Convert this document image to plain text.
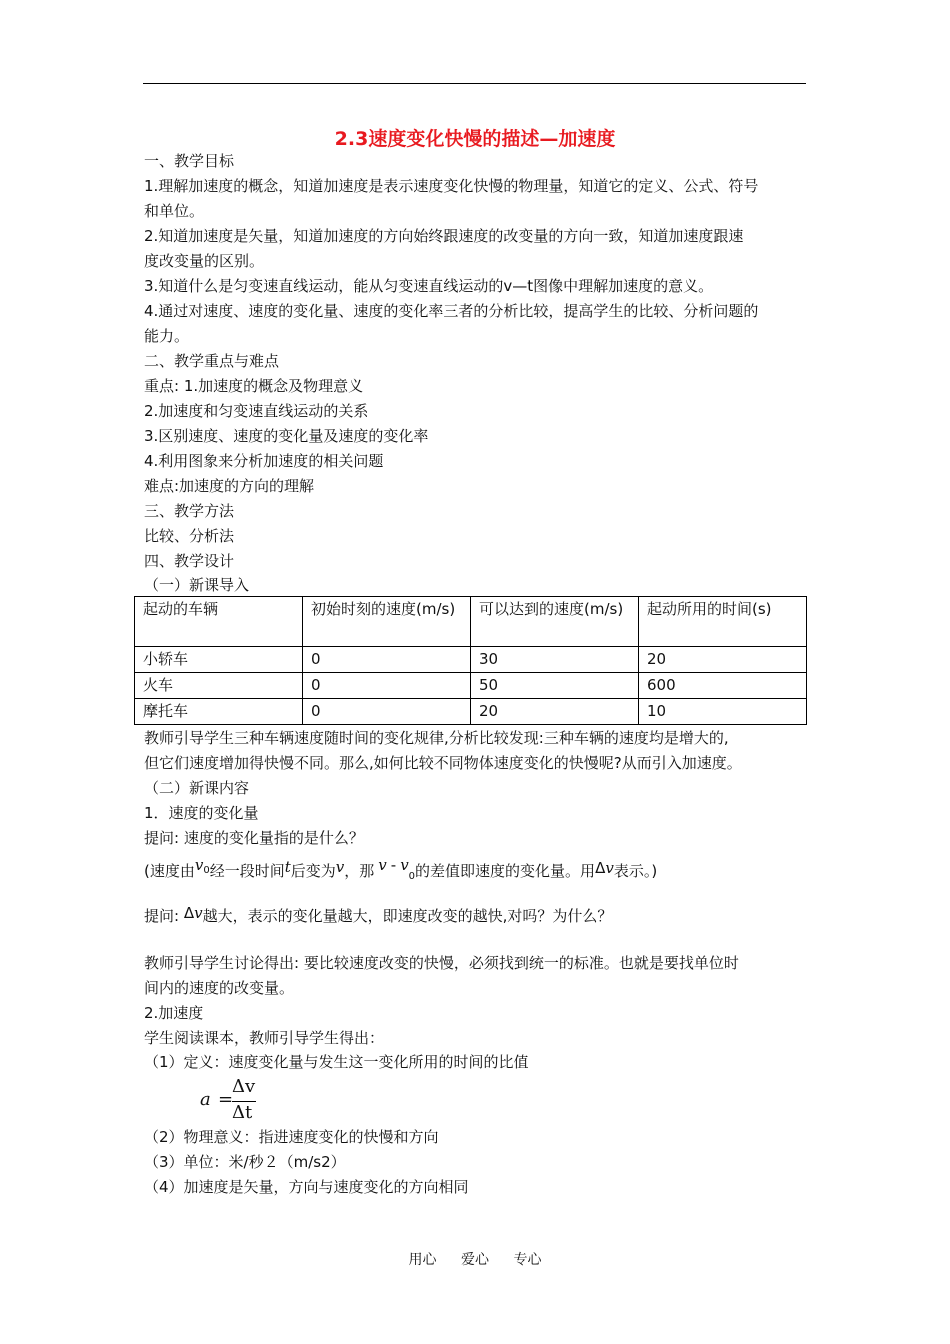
2.3速度变化快慢的描述—加速度
一、教学目标
1.理解加速度的概念，知道加速度是表示速度变化快慢的物理量，知道它的定义、公式、符号
和单位。
2.知道加速度是矢量，知道加速度的方向始终跟速度的改变量的方向一致，知道加速度跟速
度改变量的区别。
3.知道什么是匀变速直线运动，能从匀变速直线运动的v—t图像中理解加速度的意义。
4.通过对速度、速度的变化量、速度的变化率三者的分析比较，提高学生的比较、分析问题的
能力。
二、教学重点与难点
重点: 1.加速度的概念及物理意义
2.加速度和匀变速直线运动的关系
3.区别速度、速度的变化量及速度的变化率
4.利用图象来分析加速度的相关问题
难点:加速度的方向的理解
三、教学方法
比较、分析法
四、教学设计
（一）新课导入
起动的车辆	初始时刻的速度(m/s)	可以达到的速度(m/s)	起动所用的时间(s)
小轿车	0	30	20
火车	0	50	600
摩托车	0	20	10
教师引导学生三种车辆速度随时间的变化规律,分析比较发现:三种车辆的速度均是增大的,
但它们速度增加得快慢不同。那么,如何比较不同物体速度变化的快慢呢?从而引入加速度。
（二）新课内容
1．速度的变化量
提问: 速度的变化量指的是什么？
(速度由$v^0$经一段时间t后变为v，那 v - $v_0$的差值即速度的变化量。用Δv表示。)
提问: Δv越大，表示的变化量越大，即速度改变的越快,对吗？为什么？
教师引导学生讨论得出: 要比较速度改变的快慢，必须找到统一的标准。也就是要找单位时
间内的速度的改变量。
2.加速度
学生阅读课本，教师引导学生得出：
（1）定义：速度变化量与发生这一变化所用的时间的比值
a =
Δv
Δt
（2）物理意义：指进速度变化的快慢和方向
（3）单位：米/秒２（m/s2）
（4）加速度是矢量，方向与速度变化的方向相同
用心 爱心 专心
